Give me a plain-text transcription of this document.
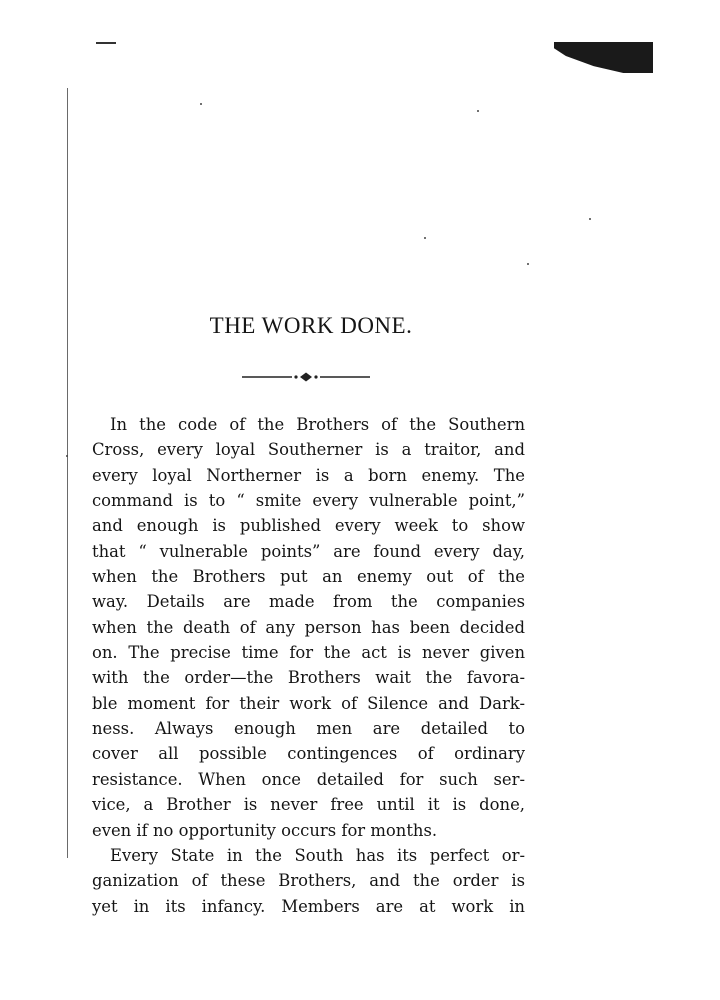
THE WORK DONE.
In the code of the Brothers of the Southern
Cross, every loyal Southerner is a traitor, and
every loyal Northerner is a born enemy. The
command is to “ smite every vulnerable point,”
and enough is published every week to show
that “ vulnerable points” are found every day,
when the Brothers put an enemy out of the
way. Details are made from the companies
when the death of any person has been decided
on. The precise time for the act is never given
with the order—the Brothers wait the favora-
ble moment for their work of Silence and Dark-
ness. Always enough men are detailed to
cover all possible contingences of ordinary
resistance. When once detailed for such ser-
vice, a Brother is never free until it is done,
even if no opportunity occurs for months.
Every State in the South has its perfect or-
ganization of these Brothers, and the order is
yet in its infancy. Members are at work in
